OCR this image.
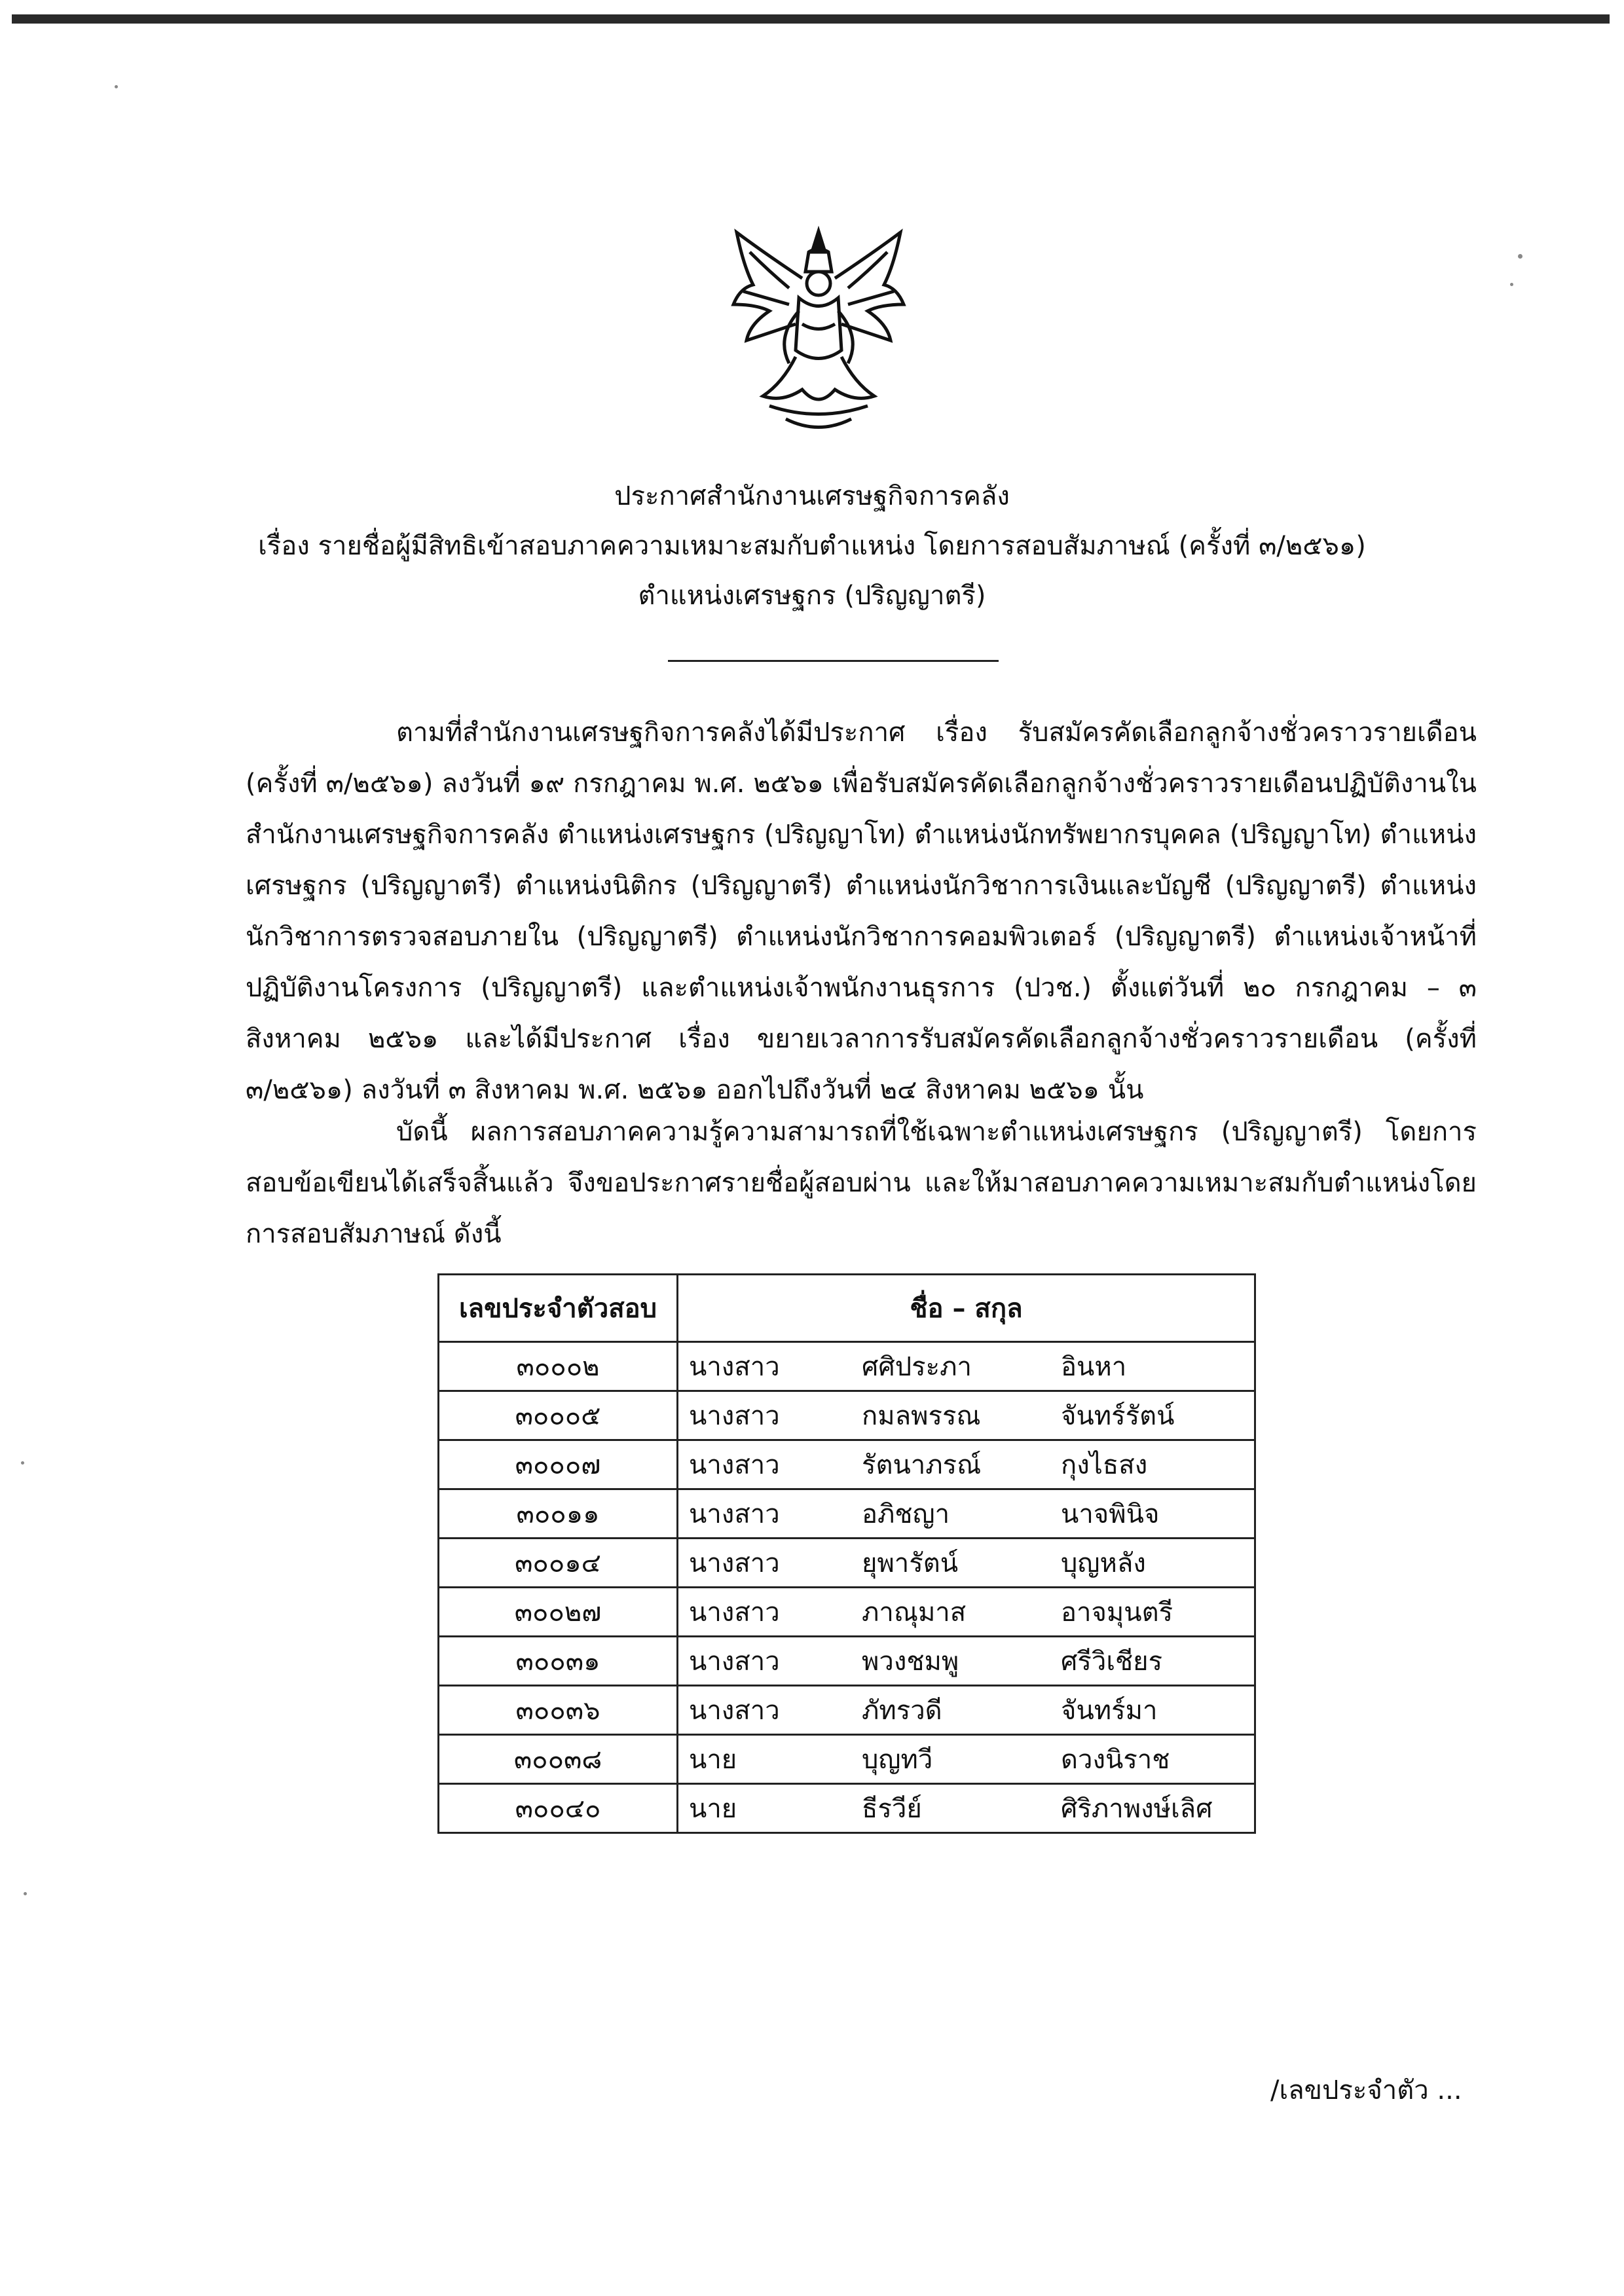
ประกาศสำนักงานเศรษฐกิจการคลัง
เรื่อง รายชื่อผู้มีสิทธิเข้าสอบภาคความเหมาะสมกับตำแหน่ง โดยการสอบสัมภาษณ์ (ครั้งที่ ๓/๒๕๖๑)
ตำแหน่งเศรษฐกร (ปริญญาตรี)

ตามที่สำนักงานเศรษฐกิจการคลังได้มีประกาศ เรื่อง รับสมัครคัดเลือกลูกจ้างชั่วคราวรายเดือน (ครั้งที่ ๓/๒๕๖๑) ลงวันที่ ๑๙ กรกฎาคม พ.ศ. ๒๕๖๑ เพื่อรับสมัครคัดเลือกลูกจ้างชั่วคราวรายเดือนปฏิบัติงานในสำนักงานเศรษฐกิจการคลัง ตำแหน่งเศรษฐกร (ปริญญาโท) ตำแหน่งนักทรัพยากรบุคคล (ปริญญาโท) ตำแหน่งเศรษฐกร (ปริญญาตรี) ตำแหน่งนิติกร (ปริญญาตรี) ตำแหน่งนักวิชาการเงินและบัญชี (ปริญญาตรี) ตำแหน่งนักวิชาการตรวจสอบภายใน (ปริญญาตรี) ตำแหน่งนักวิชาการคอมพิวเตอร์ (ปริญญาตรี) ตำแหน่งเจ้าหน้าที่ปฏิบัติงานโครงการ (ปริญญาตรี) และตำแหน่งเจ้าพนักงานธุรการ (ปวช.) ตั้งแต่วันที่ ๒๐ กรกฎาคม – ๓ สิงหาคม ๒๕๖๑ และได้มีประกาศ เรื่อง ขยายเวลาการรับสมัครคัดเลือกลูกจ้างชั่วคราวรายเดือน (ครั้งที่ ๓/๒๕๖๑) ลงวันที่ ๓ สิงหาคม พ.ศ. ๒๕๖๑ ออกไปถึงวันที่ ๒๔ สิงหาคม ๒๕๖๑ นั้น

บัดนี้ ผลการสอบภาคความรู้ความสามารถที่ใช้เฉพาะตำแหน่งเศรษฐกร (ปริญญาตรี) โดยการสอบข้อเขียนได้เสร็จสิ้นแล้ว จึงขอประกาศรายชื่อผู้สอบผ่าน และให้มาสอบภาคความเหมาะสมกับตำแหน่งโดยการสอบสัมภาษณ์ ดังนี้

เลขประจำตัวสอบ	ชื่อ – สกุล		
๓๐๐๐๒	นางสาว	ศศิประภา	อินหา
๓๐๐๐๕	นางสาว	กมลพรรณ	จันทร์รัตน์
๓๐๐๐๗	นางสาว	รัตนาภรณ์	กุงไธสง
๓๐๐๑๑	นางสาว	อภิชญา	นาจพินิจ
๓๐๐๑๔	นางสาว	ยุพารัตน์	บุญหลัง
๓๐๐๒๗	นางสาว	ภาณุมาส	อาจมุนตรี
๓๐๐๓๑	นางสาว	พวงชมพู	ศรีวิเชียร
๓๐๐๓๖	นางสาว	ภัทรวดี	จันทร์มา
๓๐๐๓๘	นาย	บุญทวี	ดวงนิราช
๓๐๐๔๐	นาย	ธีรวีย์	ศิริภาพงษ์เลิศ
/เลขประจำตัว ...
